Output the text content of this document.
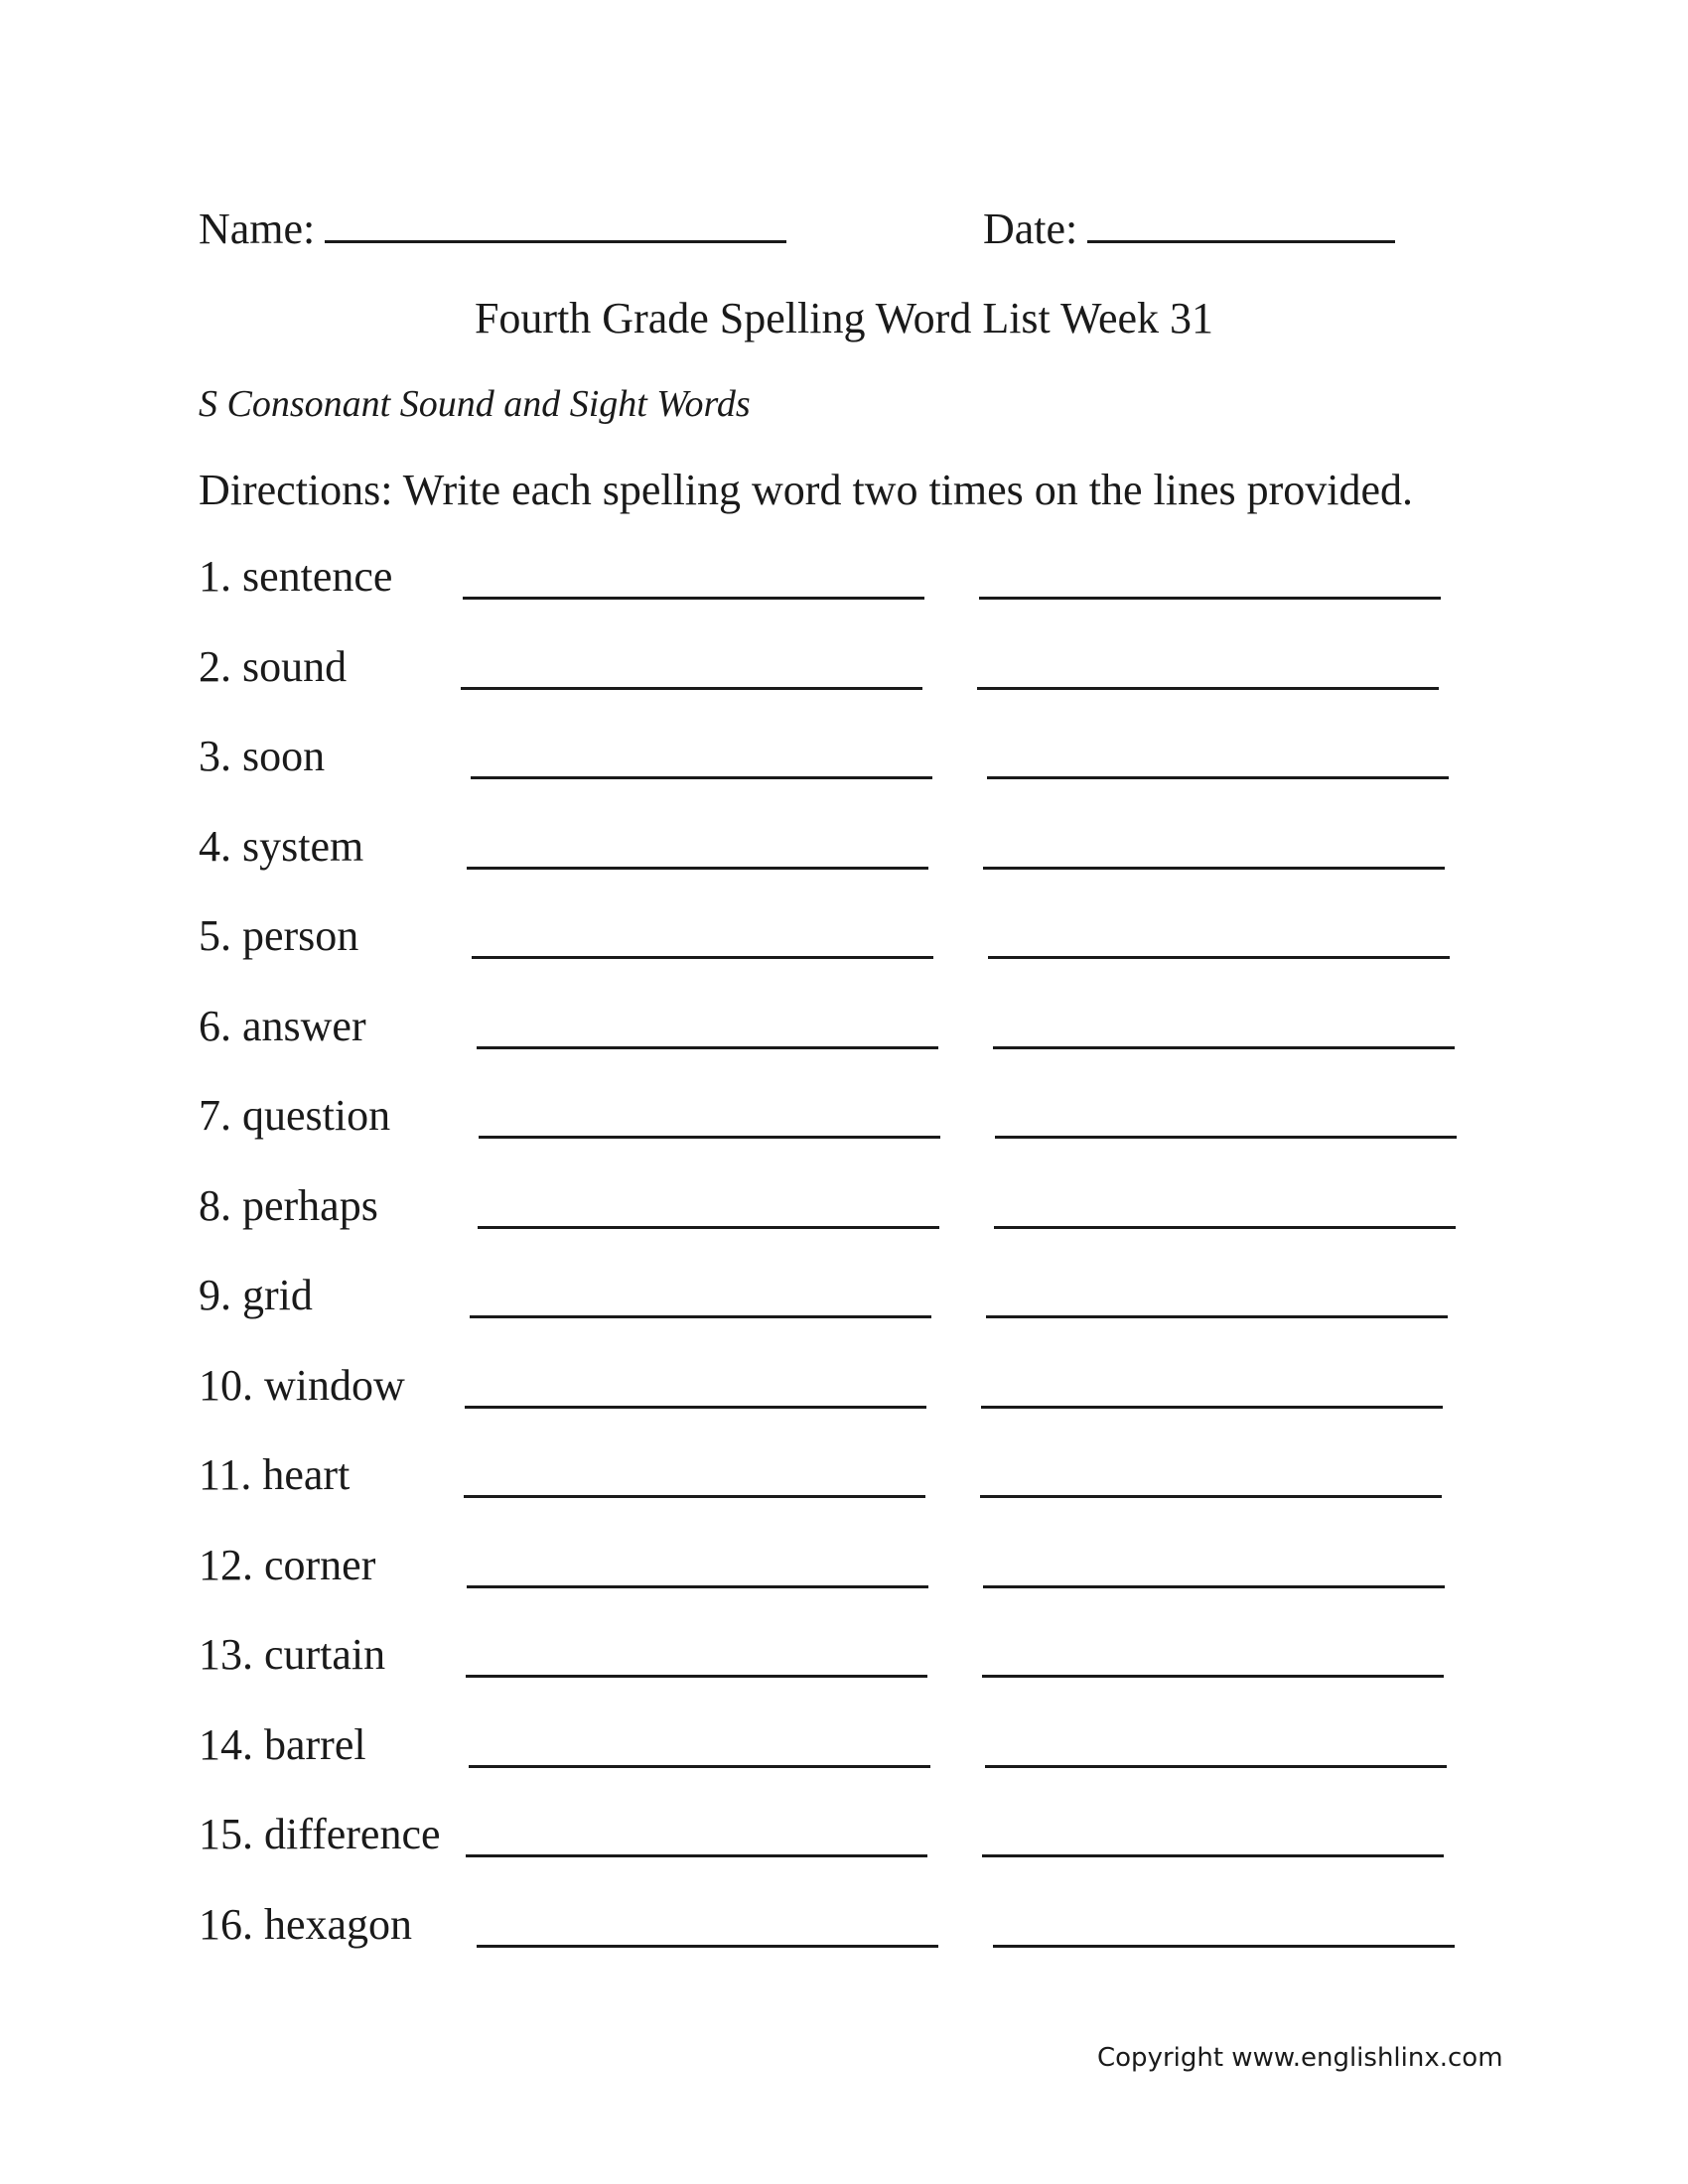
Name:	Date:
Fourth Grade Spelling Word List Week 31
S Consonant Sound and Sight Words
Directions: Write each spelling word two times on the lines provided.
1. sentence
2. sound
3. soon
4. system
5. person
6. answer
7. question
8. perhaps
9. grid
10. window
11. heart
12. corner
13. curtain
14. barrel
15. difference
16. hexagon
Copyright www.englishlinx.com
